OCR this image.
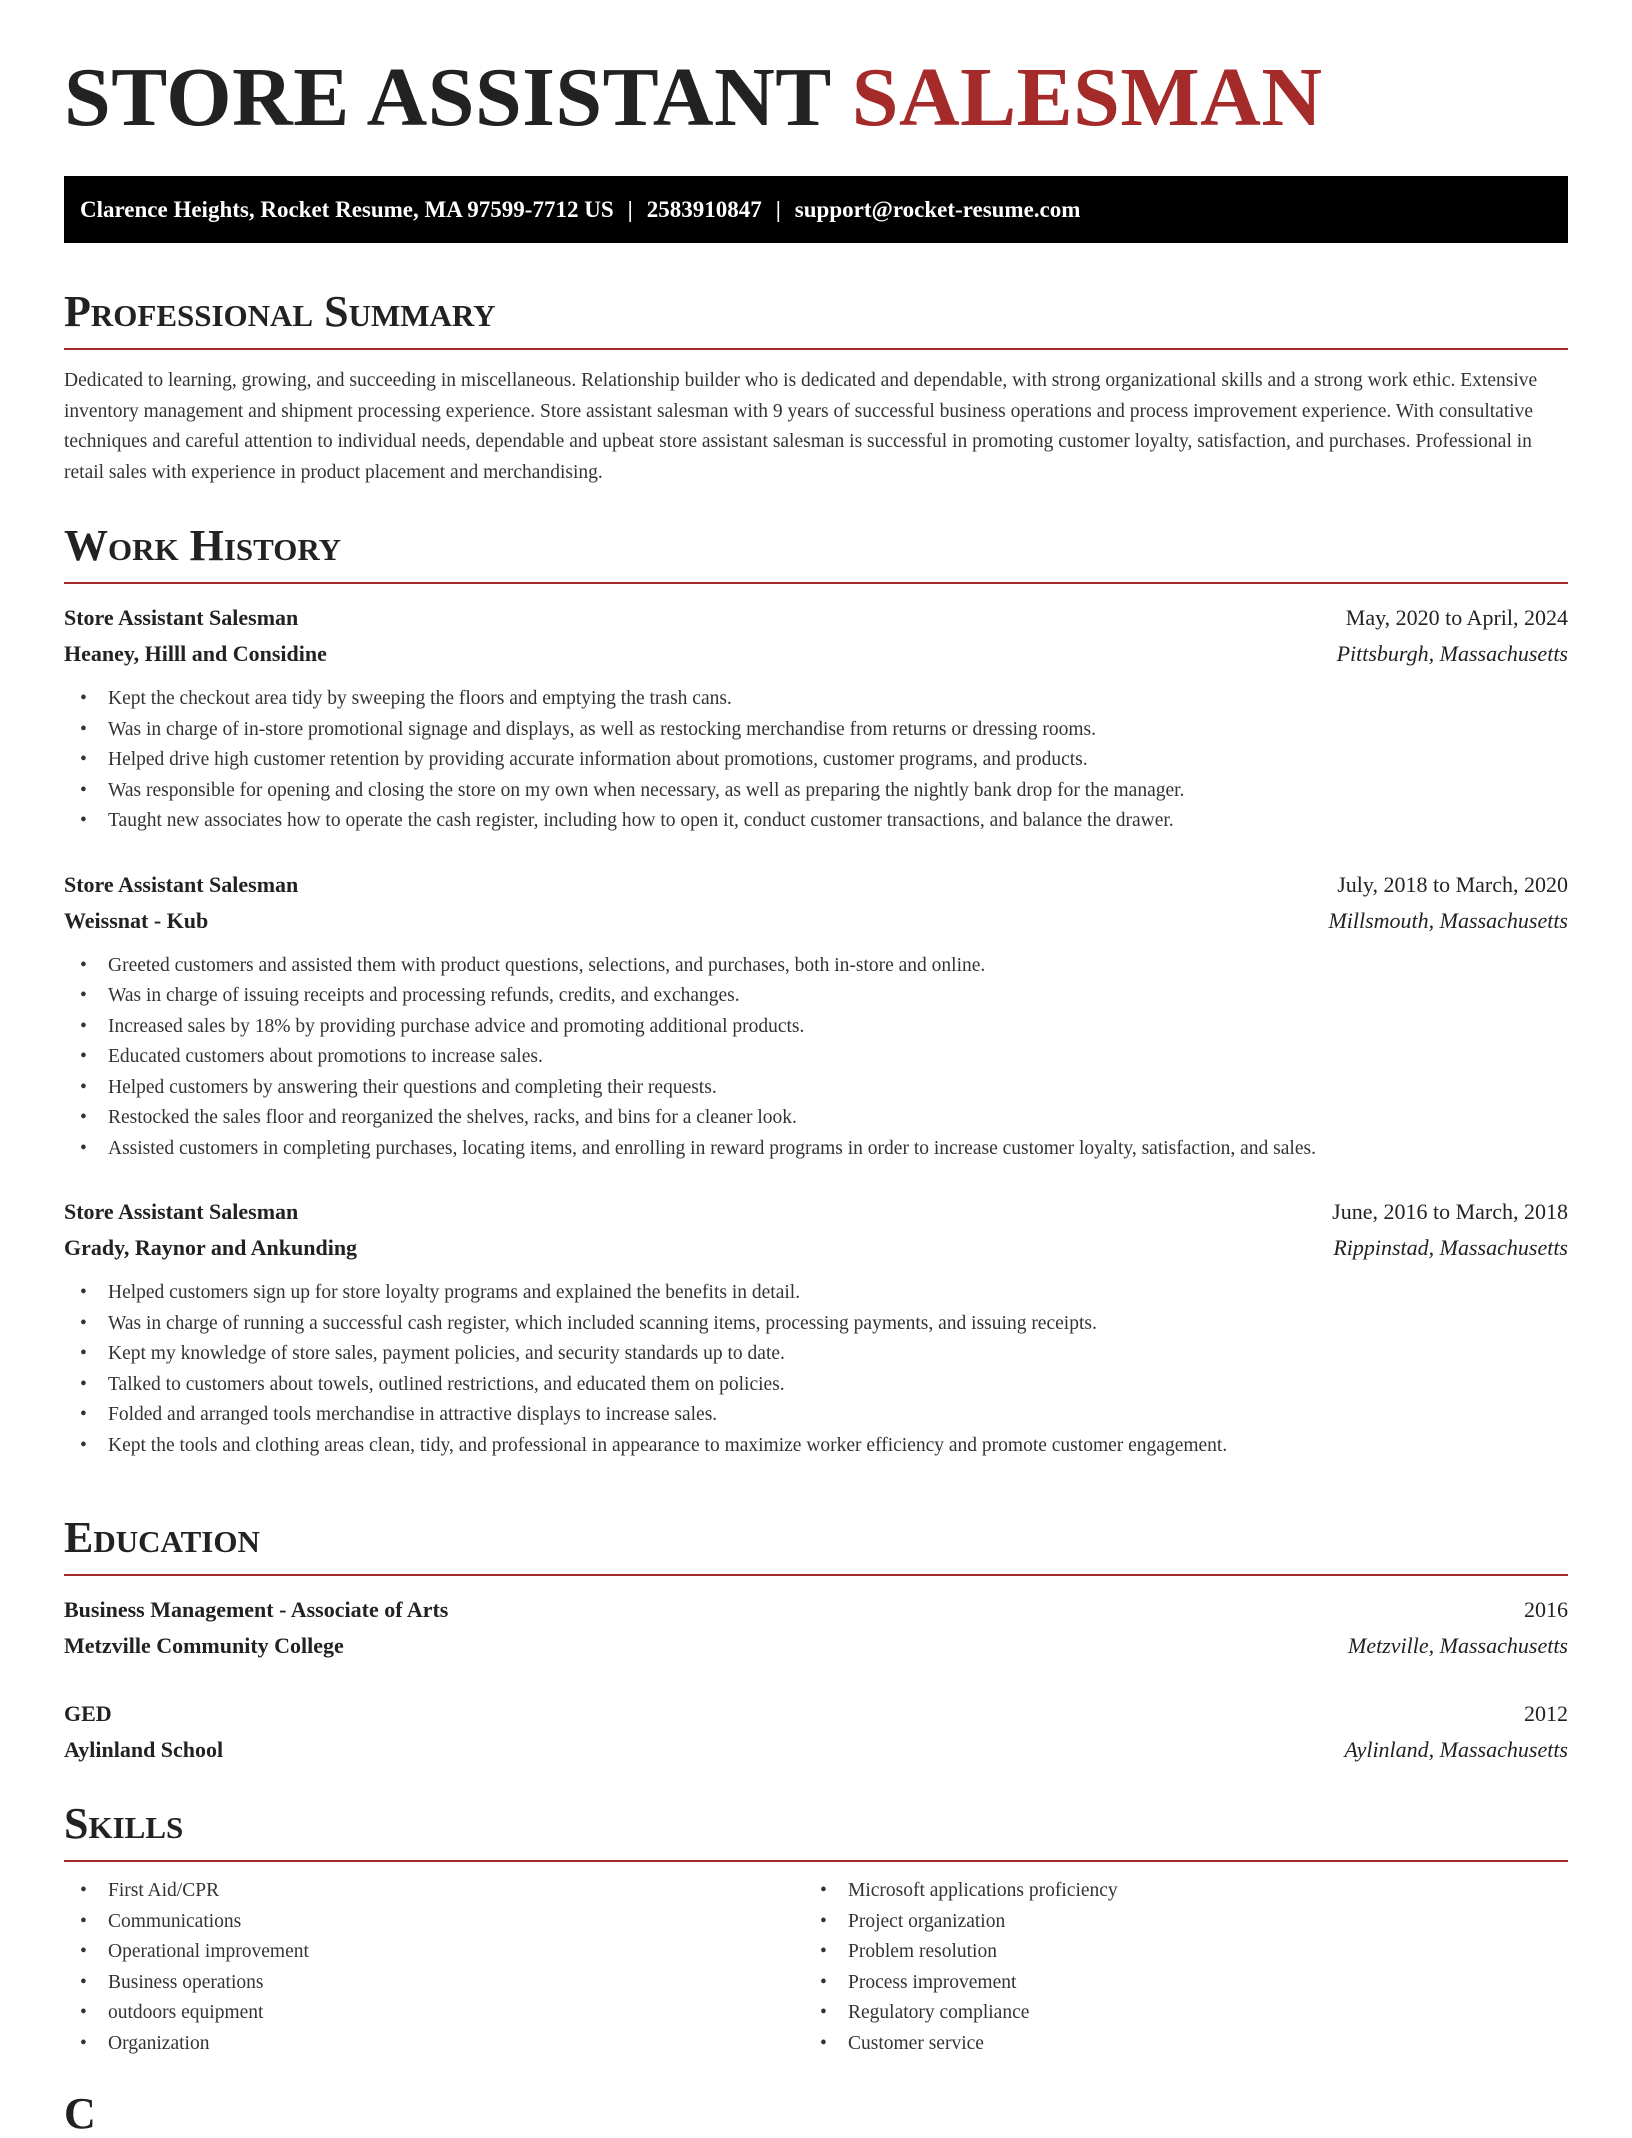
STORE ASSISTANT SALESMAN
Clarence Heights, Rocket Resume, MA 97599-7712 US | 2583910847 | support@rocket-resume.com
Professional Summary

Dedicated to learning, growing, and succeeding in miscellaneous. Relationship builder who is dedicated and dependable, with strong organizational skills and a strong work ethic. Extensive inventory management and shipment processing experience. Store assistant salesman with 9 years of successful business operations and process improvement experience. With consultative techniques and careful attention to individual needs, dependable and upbeat store assistant salesman is successful in promoting customer loyalty, satisfaction, and purchases. Professional in retail sales with experience in product placement and merchandising.

Work History
Store Assistant Salesman	May, 2020 to April, 2024
Heaney, Hilll and Considine	Pittsburgh, Massachusetts
• Kept the checkout area tidy by sweeping the floors and emptying the trash cans.
• Was in charge of in-store promotional signage and displays, as well as restocking merchandise from returns or dressing rooms.
• Helped drive high customer retention by providing accurate information about promotions, customer programs, and products.
• Was responsible for opening and closing the store on my own when necessary, as well as preparing the nightly bank drop for the manager.
• Taught new associates how to operate the cash register, including how to open it, conduct customer transactions, and balance the drawer.
Store Assistant Salesman	July, 2018 to March, 2020
Weissnat - Kub	Millsmouth, Massachusetts
• Greeted customers and assisted them with product questions, selections, and purchases, both in-store and online.
• Was in charge of issuing receipts and processing refunds, credits, and exchanges.
• Increased sales by 18% by providing purchase advice and promoting additional products.
• Educated customers about promotions to increase sales.
• Helped customers by answering their questions and completing their requests.
• Restocked the sales floor and reorganized the shelves, racks, and bins for a cleaner look.
• Assisted customers in completing purchases, locating items, and enrolling in reward programs in order to increase customer loyalty, satisfaction, and sales.
Store Assistant Salesman	June, 2016 to March, 2018
Grady, Raynor and Ankunding	Rippinstad, Massachusetts
• Helped customers sign up for store loyalty programs and explained the benefits in detail.
• Was in charge of running a successful cash register, which included scanning items, processing payments, and issuing receipts.
• Kept my knowledge of store sales, payment policies, and security standards up to date.
• Talked to customers about towels, outlined restrictions, and educated them on policies.
• Folded and arranged tools merchandise in attractive displays to increase sales.
• Kept the tools and clothing areas clean, tidy, and professional in appearance to maximize worker efficiency and promote customer engagement.
Education
Business Management - Associate of Arts	2016
Metzville Community College	Metzville, Massachusetts
GED	2012
Aylinland School	Aylinland, Massachusetts
Skills
• First Aid/CPR
• Communications
• Operational improvement
• Business operations
• outdoors equipment
• Organization
• Microsoft applications proficiency
• Project organization
• Problem resolution
• Process improvement
• Regulatory compliance
• Customer service
C
